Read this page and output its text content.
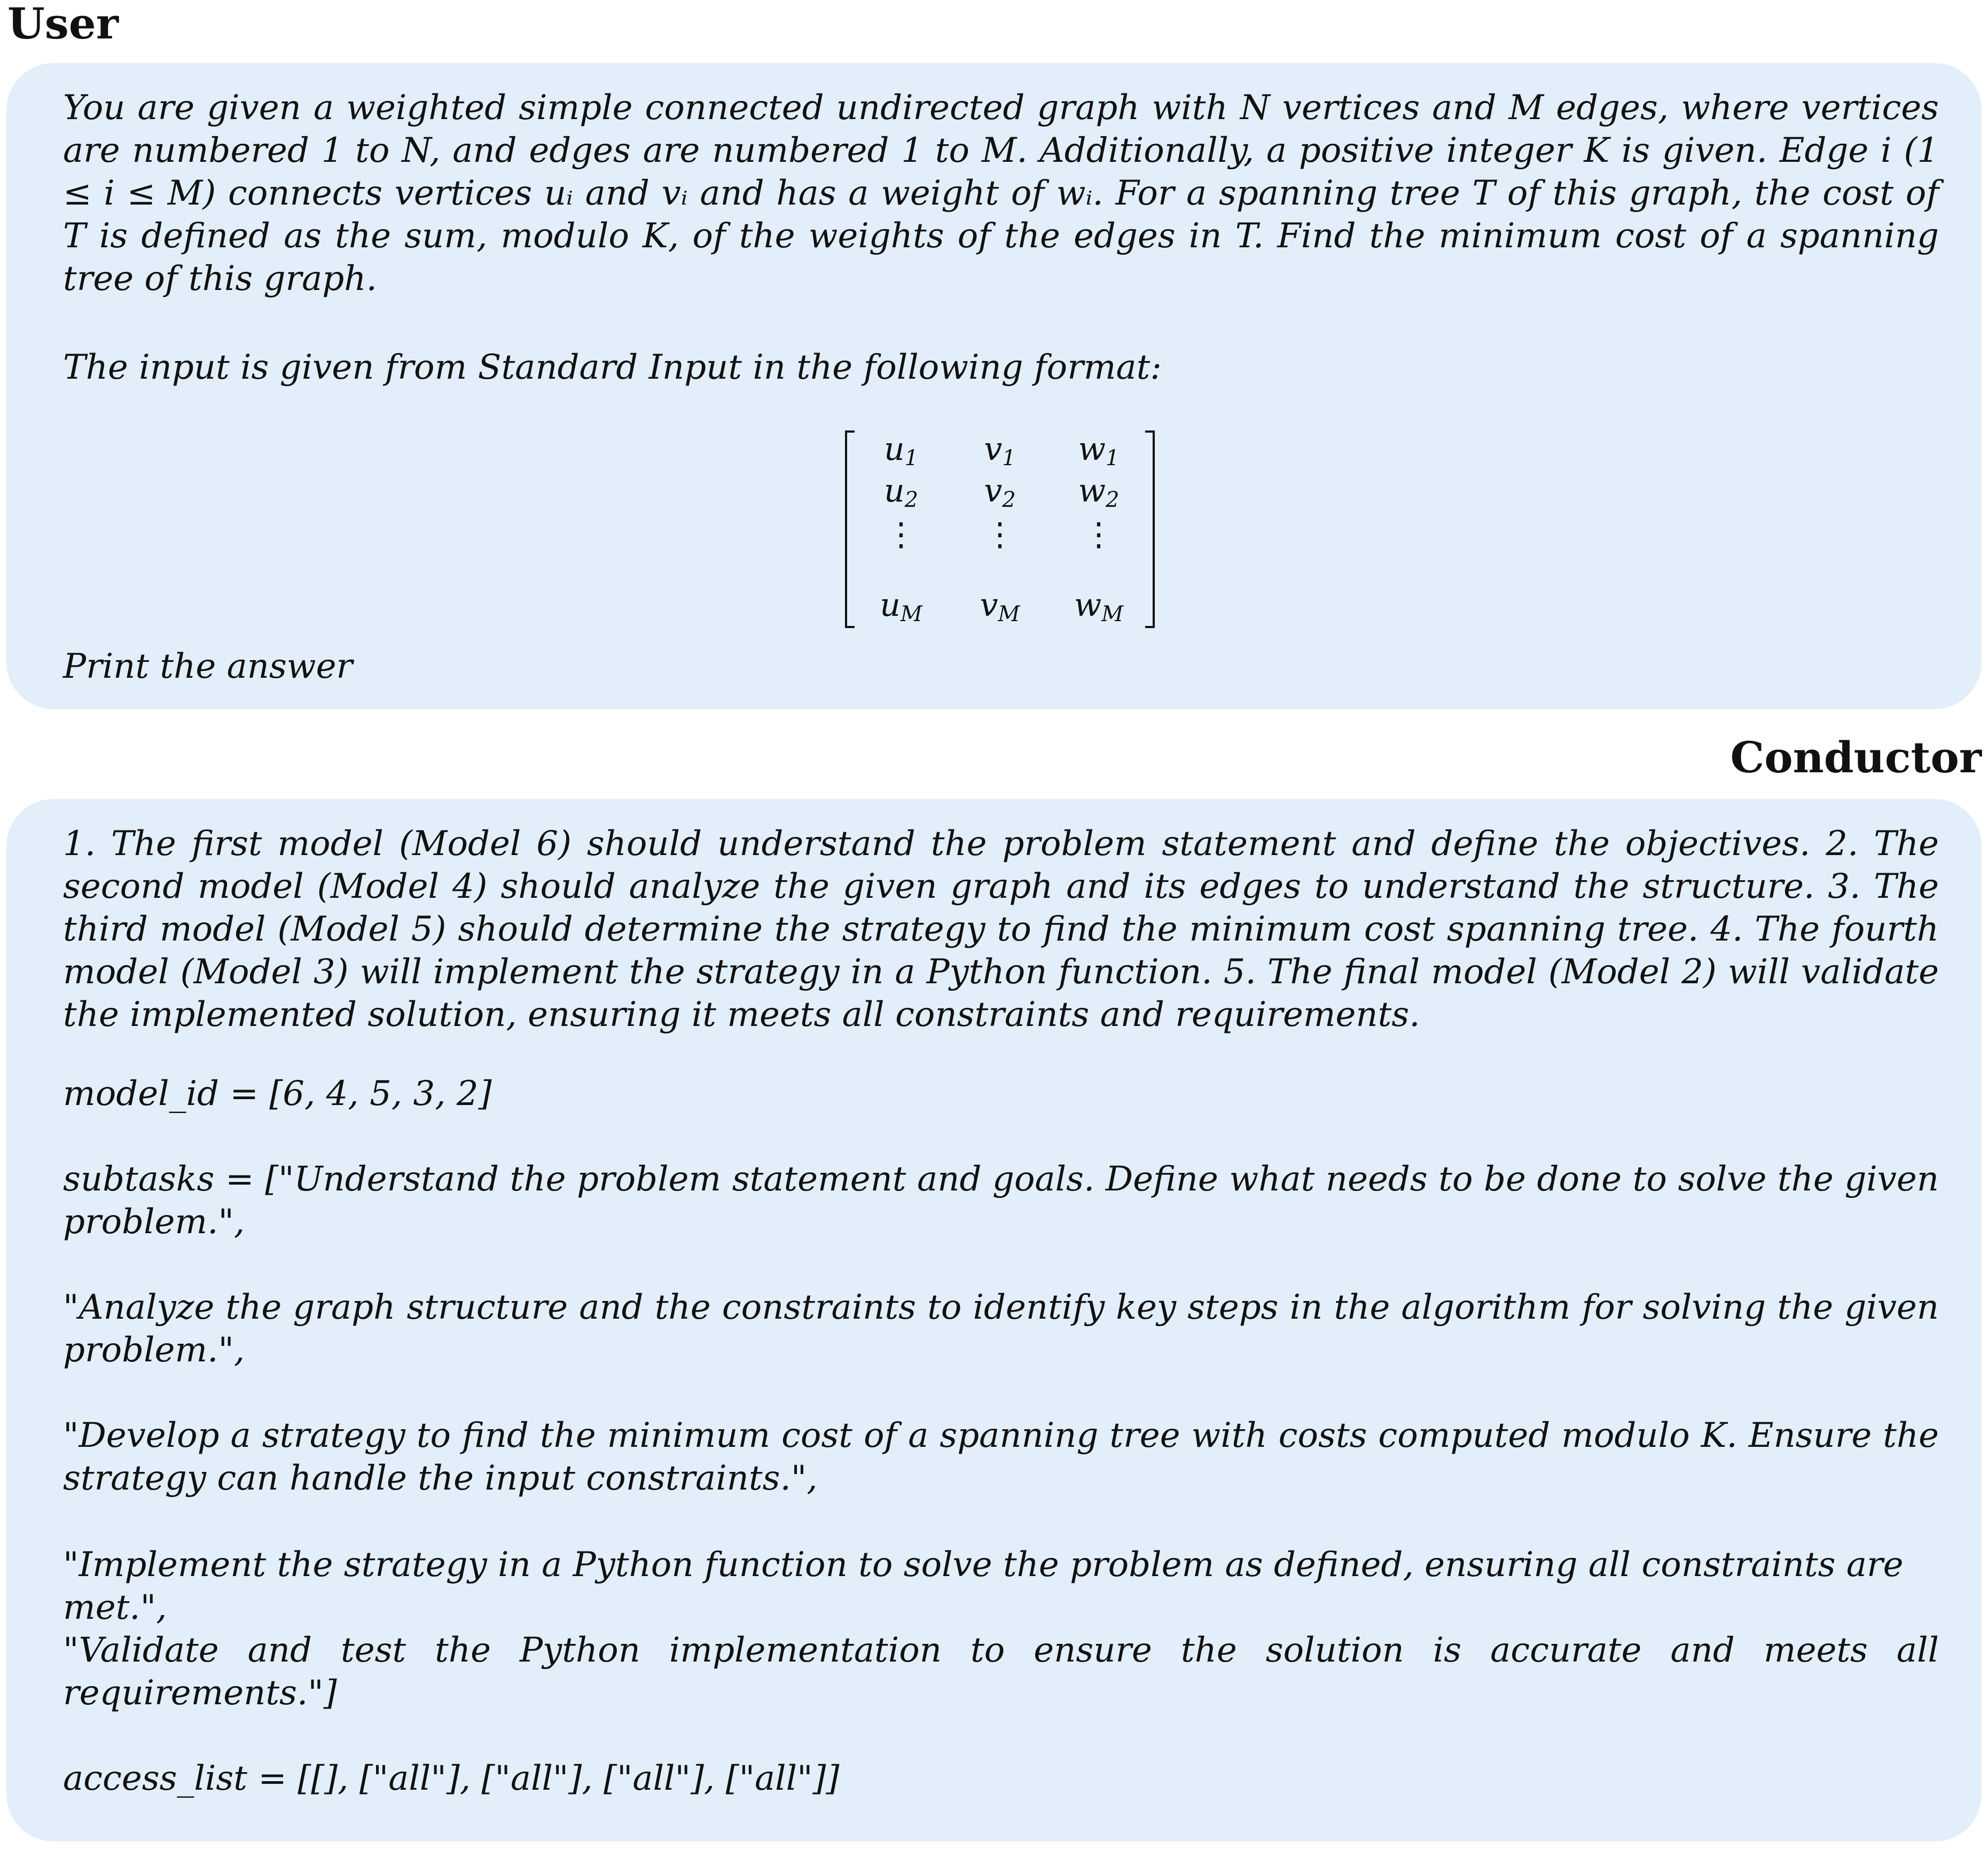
User

You are given a weighted simple connected undirected graph with N vertices and M edges, where vertices are numbered 1 to N, and edges are numbered 1 to M. Additionally, a positive integer K is given. Edge i (1 ≤ i ≤ M) connects vertices uᵢ and vᵢ and has a weight of wᵢ. For a spanning tree T of this graph, the cost of T is defined as the sum, modulo K, of the weights of the edges in T. Find the minimum cost of a spanning tree of this graph.

The input is given from Standard Input in the following format:

$u_1$	$v_1$	$w_1$
$u_2$	$v_2$	$w_2$
⋮	⋮	⋮
$u_M$	$v_M$	$w_M$

Print the answer

Conductor

1. The first model (Model 6) should understand the problem statement and define the objectives. 2. The second model (Model 4) should analyze the given graph and its edges to understand the structure. 3. The third model (Model 5) should determine the strategy to find the minimum cost spanning tree. 4. The fourth model (Model 3) will implement the strategy in a Python function. 5. The final model (Model 2) will validate the implemented solution, ensuring it meets all constraints and requirements.

model_id = [6, 4, 5, 3, 2]

subtasks = ["Understand the problem statement and goals. Define what needs to be done to solve the given problem.",

"Analyze the graph structure and the constraints to identify key steps in the algorithm for solving the given problem.",

"Develop a strategy to find the minimum cost of a spanning tree with costs computed modulo K. Ensure the strategy can handle the input constraints.",

"Implement the strategy in a Python function to solve the problem as defined, ensuring all constraints are met.",

"Validate and test the Python implementation to ensure the solution is accurate and meets all requirements."]

access_list = [[], ["all"], ["all"], ["all"], ["all"]]
